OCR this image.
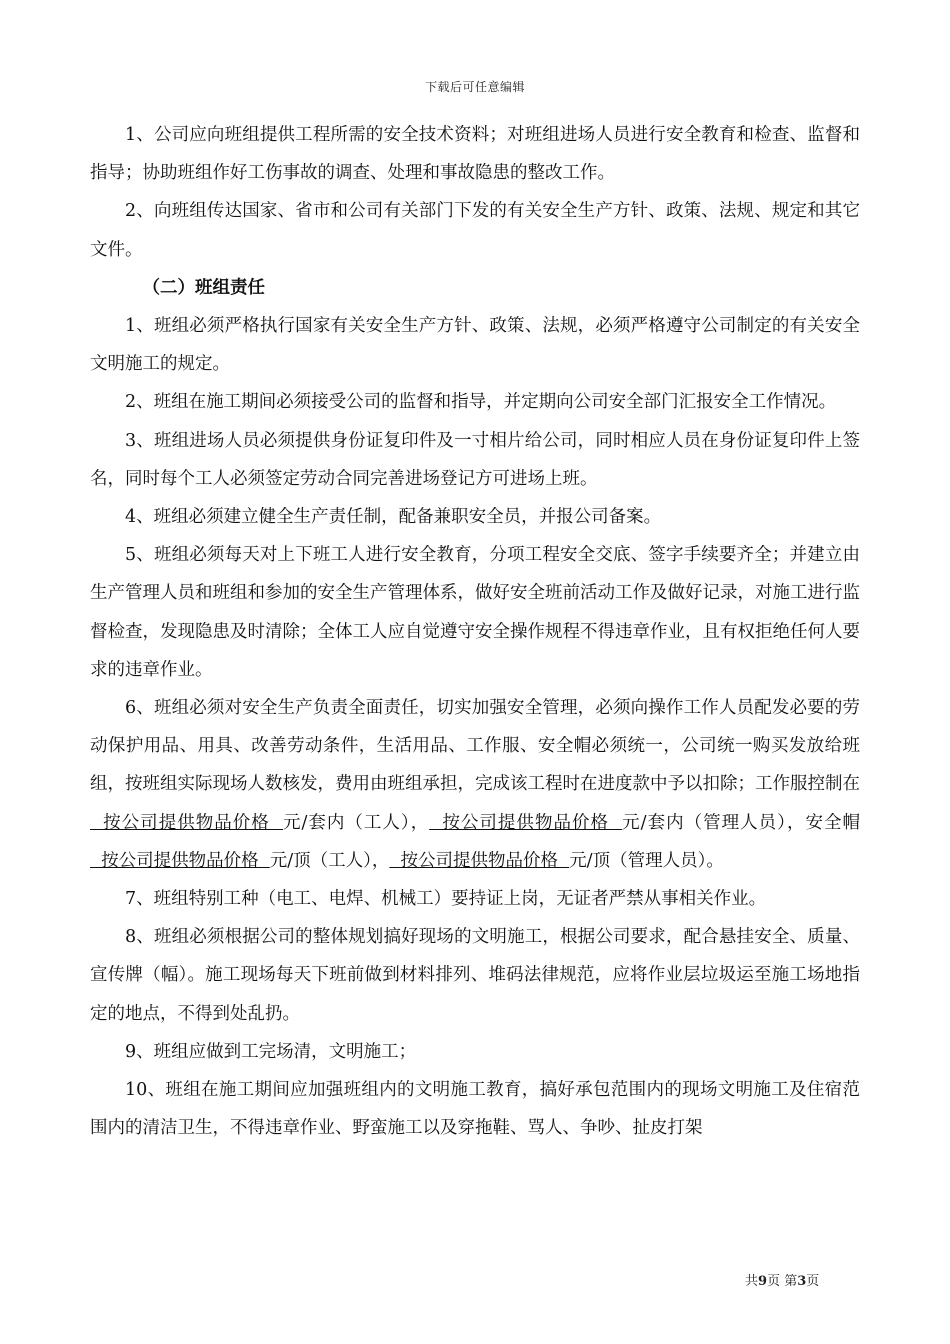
下载后可任意编辑

1、公司应向班组提供工程所需的安全技术资料；对班组进场人员进行安全教育和检查、监督和指导；协助班组作好工伤事故的调查、处理和事故隐患的整改工作。

2、向班组传达国家、省市和公司有关部门下发的有关安全生产方针、政策、法规、规定和其它文件。

（二）班组责任

1、班组必须严格执行国家有关安全生产方针、政策、法规，必须严格遵守公司制定的有关安全文明施工的规定。

2、班组在施工期间必须接受公司的监督和指导，并定期向公司安全部门汇报安全工作情况。

3、班组进场人员必须提供身份证复印件及一寸相片给公司，同时相应人员在身份证复印件上签名，同时每个工人必须签定劳动合同完善进场登记方可进场上班。

4、班组必须建立健全生产责任制，配备兼职安全员，并报公司备案。

5、班组必须每天对上下班工人进行安全教育，分项工程安全交底、签字手续要齐全；并建立由生产管理人员和班组和参加的安全生产管理体系，做好安全班前活动工作及做好记录，对施工进行监督检查，发现隐患及时清除；全体工人应自觉遵守安全操作规程不得违章作业，且有权拒绝任何人要求的违章作业。

6、班组必须对安全生产负责全面责任，切实加强安全管理，必须向操作工作人员配发必要的劳动保护用品、用具、改善劳动条件，生活用品、工作服、安全帽必须统一，公司统一购买发放给班组，按班组实际现场人数核发，费用由班组承担，完成该工程时在进度款中予以扣除；工作服控制在  按公司提供物品价格  元/套内（工人），  按公司提供物品价格  元/套内（管理人员），安全帽  按公司提供物品价格  元/顶（工人），  按公司提供物品价格  元/顶（管理人员）。

7、班组特别工种（电工、电焊、机械工）要持证上岗，无证者严禁从事相关作业。

8、班组必须根据公司的整体规划搞好现场的文明施工，根据公司要求，配合悬挂安全、质量、宣传牌（幅）。施工现场每天下班前做到材料排列、堆码法律规范，应将作业层垃圾运至施工场地指定的地点，不得到处乱扔。

9、班组应做到工完场清，文明施工；

10、班组在施工期间应加强班组内的文明施工教育，搞好承包范围内的现场文明施工及住宿范围内的清洁卫生，不得违章作业、野蛮施工以及穿拖鞋、骂人、争吵、扯皮打架

共9页 第3页
